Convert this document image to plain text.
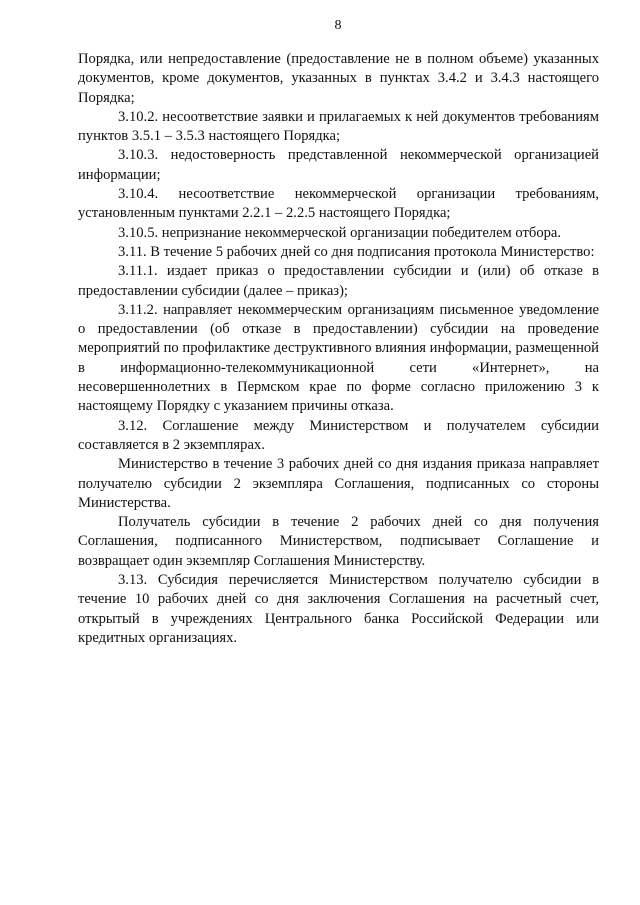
8

Порядка, или непредоставление (предоставление не в полном объеме) указанных документов, кроме документов, указанных в пунктах 3.4.2 и 3.4.3 настоящего Порядка;

3.10.2. несоответствие заявки и прилагаемых к ней документов требованиям пунктов 3.5.1 – 3.5.3 настоящего Порядка;

3.10.3. недостоверность представленной некоммерческой организацией информации;

3.10.4. несоответствие некоммерческой организации требованиям, установленным пунктами 2.2.1 – 2.2.5 настоящего Порядка;

3.10.5. непризнание некоммерческой организации победителем отбора.

3.11. В течение 5 рабочих дней со дня подписания протокола Министерство:

3.11.1. издает приказ о предоставлении субсидии и (или) об отказе в предоставлении субсидии (далее – приказ);

3.11.2. направляет некоммерческим организациям письменное уведомление о предоставлении (об отказе в предоставлении) субсидии на проведение мероприятий по профилактике деструктивного влияния информации, размещенной в информационно-телекоммуникационной сети «Интернет», на несовершеннолетних в Пермском крае по форме согласно приложению 3 к настоящему Порядку с указанием причины отказа.

3.12. Соглашение между Министерством и получателем субсидии составляется в 2 экземплярах.

Министерство в течение 3 рабочих дней со дня издания приказа направляет получателю субсидии 2 экземпляра Соглашения, подписанных со стороны Министерства.

Получатель субсидии в течение 2 рабочих дней со дня получения Соглашения, подписанного Министерством, подписывает Соглашение и возвращает один экземпляр Соглашения Министерству.

3.13. Субсидия перечисляется Министерством получателю субсидии в течение 10 рабочих дней со дня заключения Соглашения на расчетный счет, открытый в учреждениях Центрального банка Российской Федерации или кредитных организациях.
